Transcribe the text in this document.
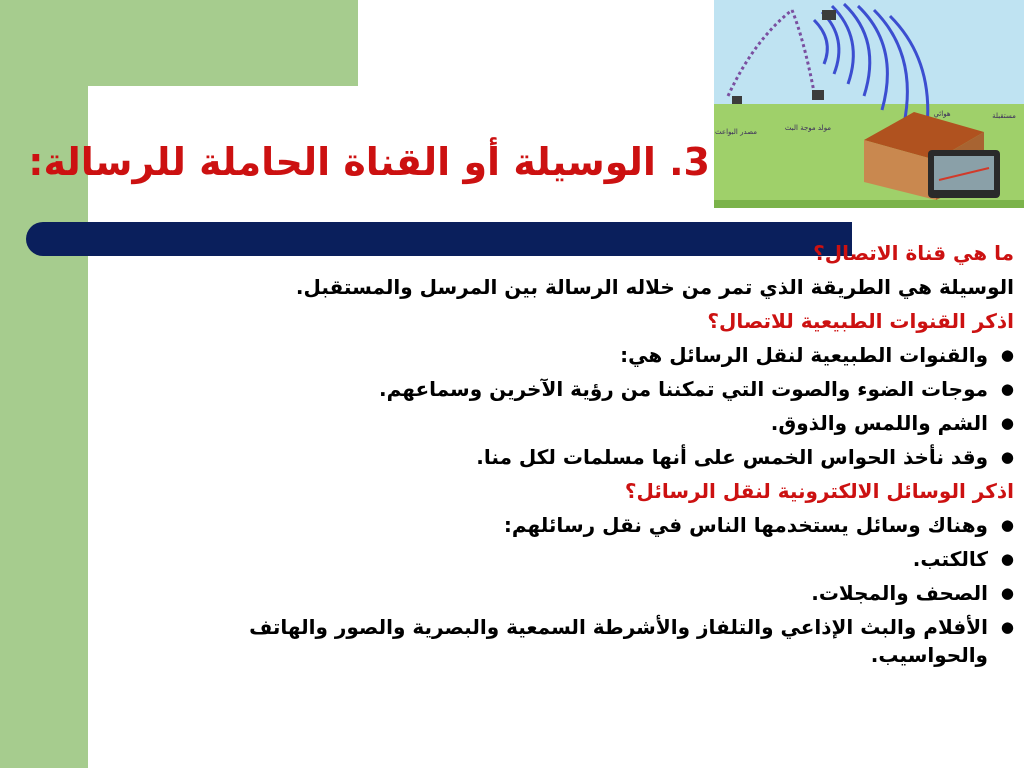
مصدر البواعث	مولد موجة البث
هوائي	مستقبلة
3. الوسيلة أو القناة الحاملة للرسالة:
ما هي قناة الاتصال؟
الوسيلة هي الطريقة الذي تمر من خلاله الرسالة بين المرسل والمستقبل.
اذكر القنوات الطبيعية للاتصال؟
● والقنوات الطبيعية لنقل الرسائل هي:
● موجات الضوء والصوت التي تمكننا من رؤية الآخرين وسماعهم.
● الشم واللمس والذوق.
● وقد نأخذ الحواس الخمس على أنها مسلمات لكل منا.
اذكر الوسائل الالكترونية لنقل الرسائل؟
● وهناك وسائل يستخدمها الناس في نقل رسائلهم:
● كالكتب.
● الصحف والمجلات.
● الأفلام والبث الإذاعي والتلفاز والأشرطة السمعية والبصرية والصور والهاتف والحواسيب.
